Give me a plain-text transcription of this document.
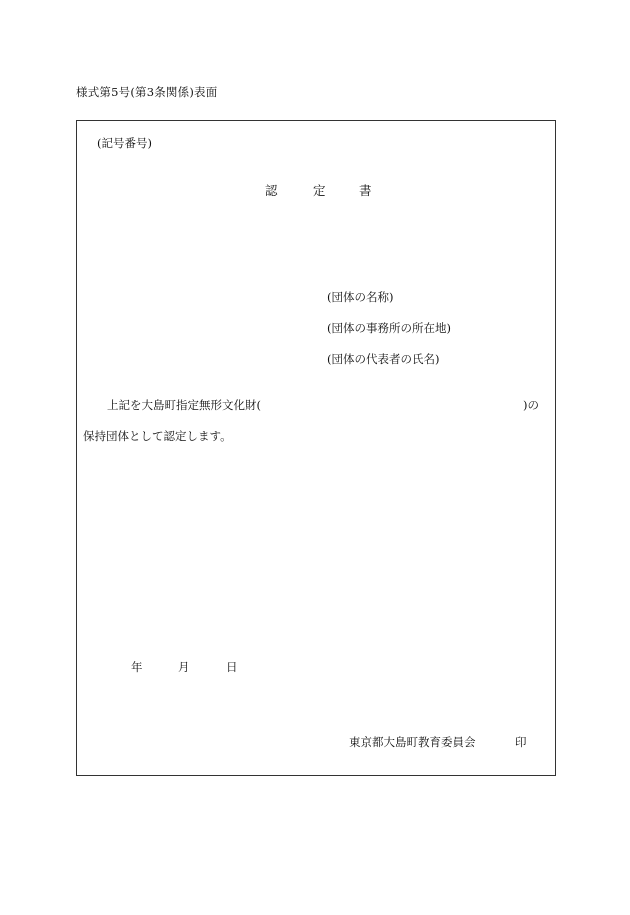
様式第5号(第3条関係)表面
(記号番号)
認	定	書
(団体の名称)
(団体の事務所の所在地)
(団体の代表者の氏名)
上記を大島町指定無形文化財(	)の
保持団体として認定します。
年	月	日
東京都大島町教育委員会	印
